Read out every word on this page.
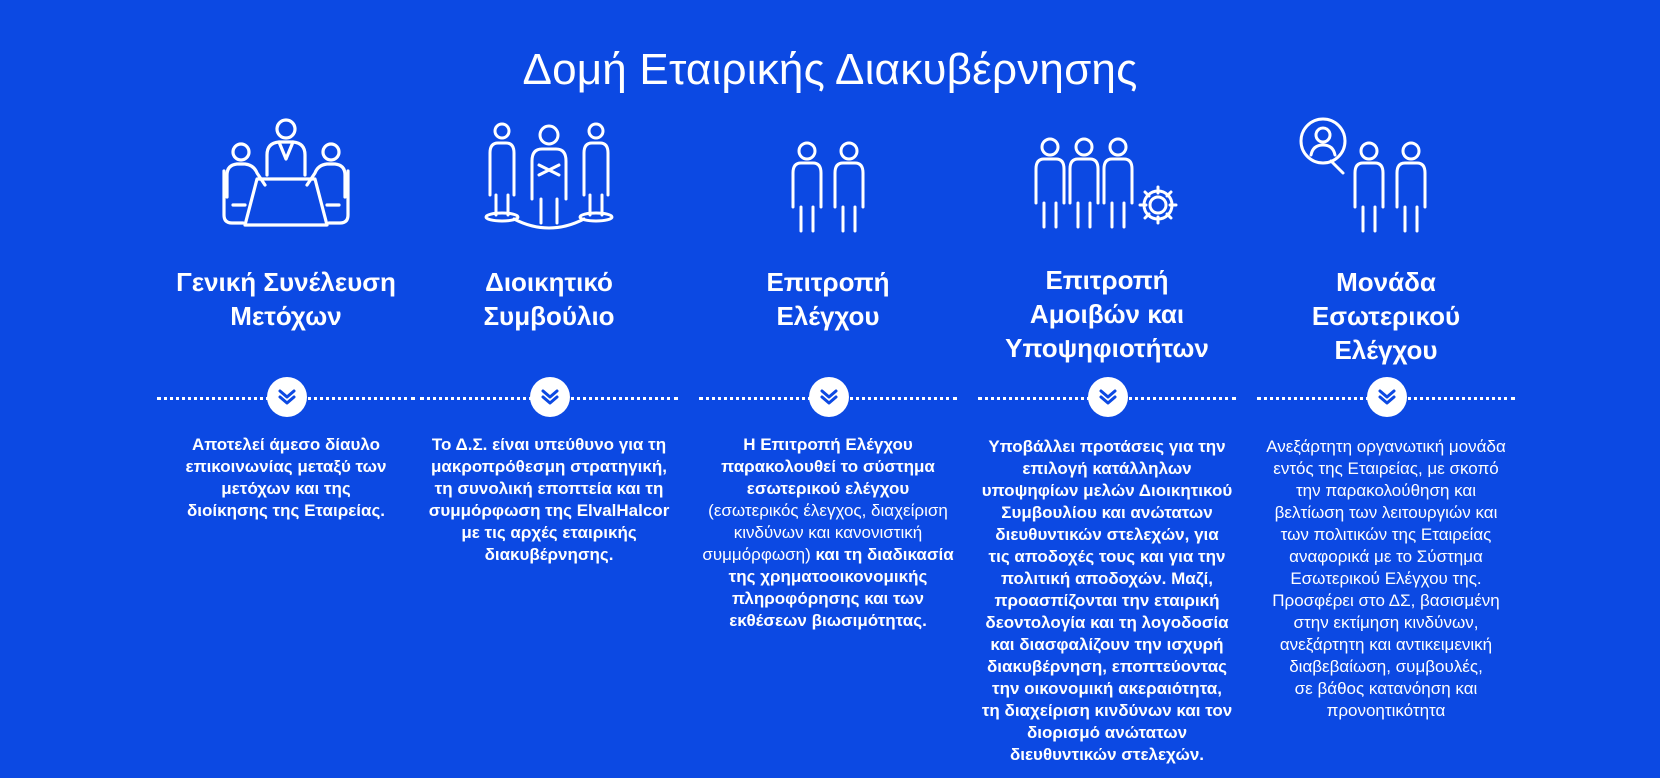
Δομή Εταιρικής Διακυβέρνησης
Γενική Συνέλευση
Μετόχων
Αποτελεί άμεσο δίαυλο
επικοινωνίας μεταξύ των
μετόχων και της
διοίκησης της Εταιρείας.
Διοικητικό
Συμβούλιο
Το Δ.Σ. είναι υπεύθυνο για τη
μακροπρόθεσμη στρατηγική,
τη συνολική εποπτεία και τη
συμμόρφωση της ElvalHalcor
με τις αρχές εταιρικής
διακυβέρνησης.
Επιτροπή
Ελέγχου
Η Επιτροπή Ελέγχου
παρακολουθεί το σύστημα
εσωτερικού ελέγχου
(εσωτερικός έλεγχος, διαχείριση
κινδύνων και κανονιστική
συμμόρφωση) και τη διαδικασία
της χρηματοοικονομικής
πληροφόρησης και των
εκθέσεων βιωσιμότητας.
Επιτροπή
Αμοιβών και
Υποψηφιοτήτων
Υποβάλλει προτάσεις για την
επιλογή κατάλληλων
υποψηφίων μελών Διοικητικού
Συμβουλίου και ανώτατων
διευθυντικών στελεχών, για
τις αποδοχές τους και για την
πολιτική αποδοχών. Μαζί,
προασπίζονται την εταιρική
δεοντολογία και τη λογοδοσία
και διασφαλίζουν την ισχυρή
διακυβέρνηση, εποπτεύοντας
την οικονομική ακεραιότητα,
τη διαχείριση κινδύνων και τον
διορισμό ανώτατων
διευθυντικών στελεχών.
Μονάδα
Εσωτερικού
Ελέγχου
Ανεξάρτητη οργανωτική μονάδα
εντός της Εταιρείας, με σκοπό
την παρακολούθηση και
βελτίωση των λειτουργιών και
των πολιτικών της Εταιρείας
αναφορικά με το Σύστημα
Εσωτερικού Ελέγχου της.
Προσφέρει στο ΔΣ, βασισμένη
στην εκτίμηση κινδύνων,
ανεξάρτητη και αντικειμενική
διαβεβαίωση, συμβουλές,
σε βάθος κατανόηση και
προνοητικότητα
